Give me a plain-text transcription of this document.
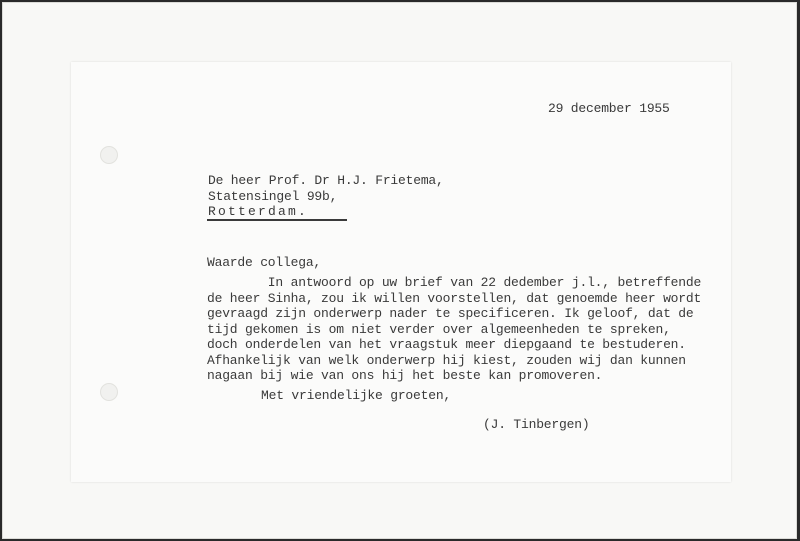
29 december 1955
De heer Prof. Dr H.J. Frietema,
Statensingel 99b,
Rotterdam.
Waarde collega,
In antwoord op uw brief van 22 dedember j.l., betreffende
de heer Sinha, zou ik willen voorstellen, dat genoemde heer wordt
gevraagd zijn onderwerp nader te specificeren. Ik geloof, dat de
tijd gekomen is om niet verder over algemeenheden te spreken,
doch onderdelen van het vraagstuk meer diepgaand te bestuderen.
Afhankelijk van welk onderwerp hij kiest, zouden wij dan kunnen
nagaan bij wie van ons hij het beste kan promoveren.
Met vriendelijke groeten,
(J. Tinbergen)
